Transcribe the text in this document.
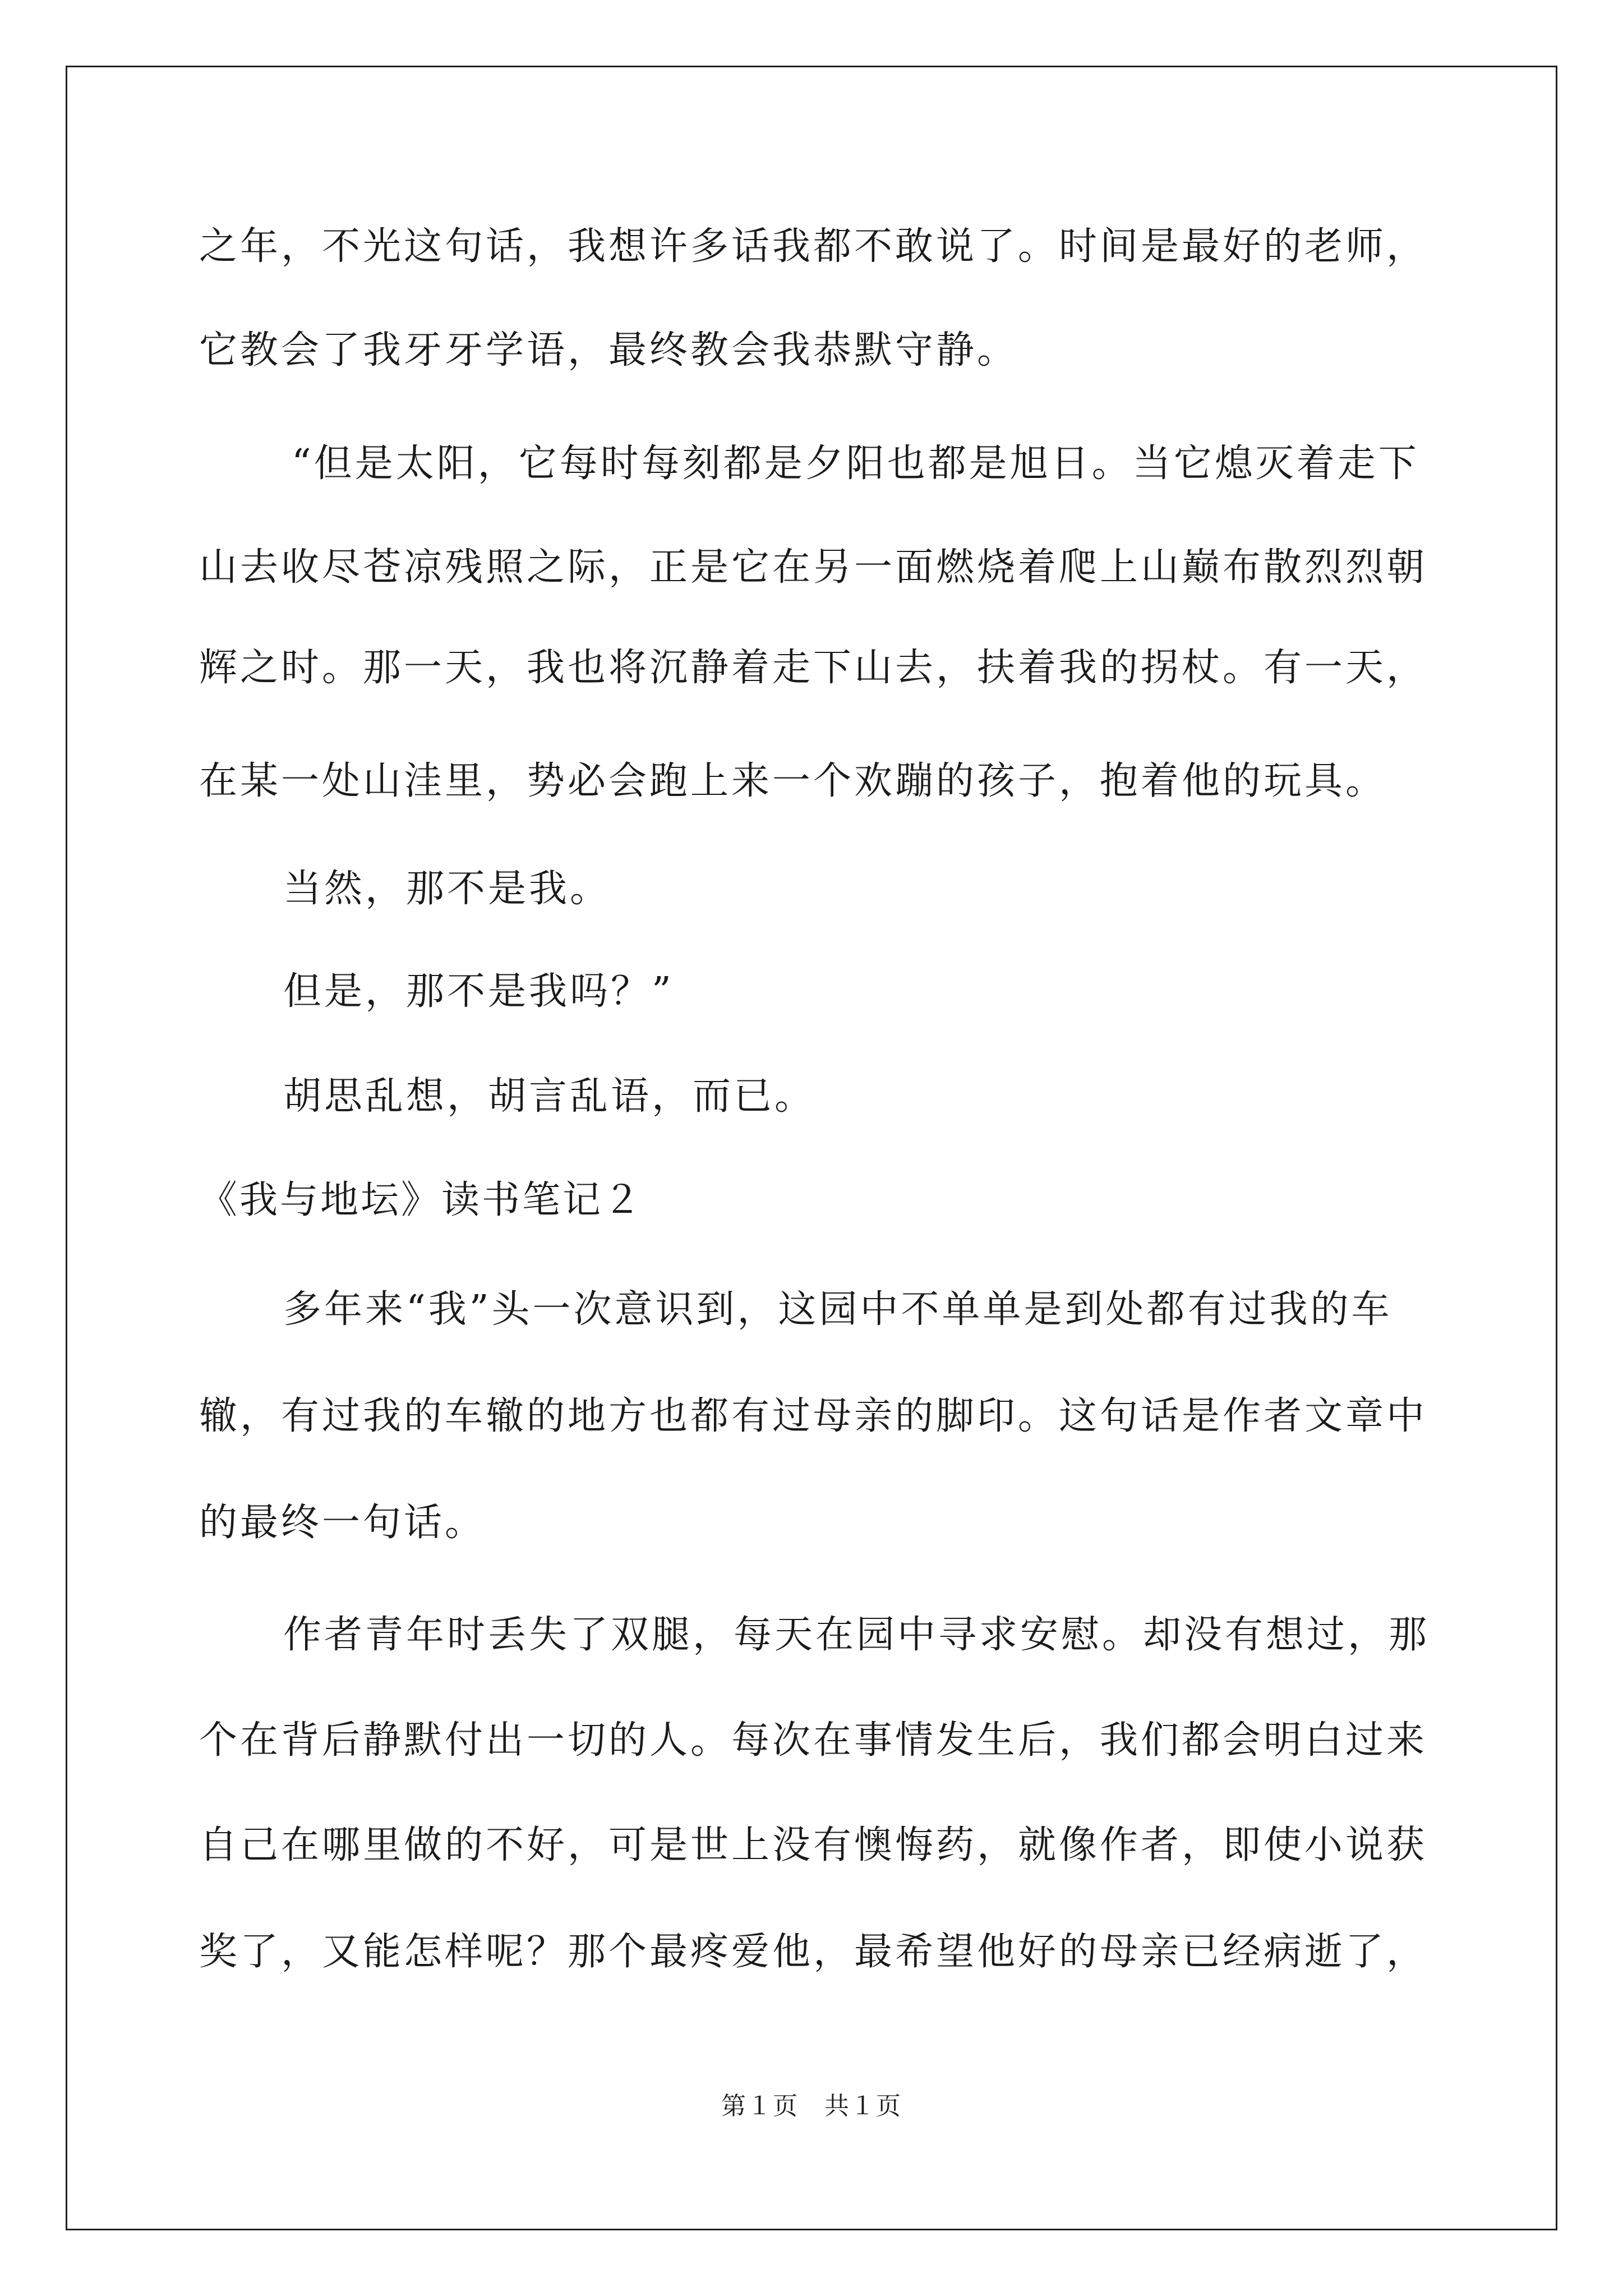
之年，不光这句话，我想许多话我都不敢说了。时间是最好的老师，
它教会了我牙牙学语，最终教会我恭默守静。
“但是太阳，它每时每刻都是夕阳也都是旭日。当它熄灭着走下
山去收尽苍凉残照之际，正是它在另一面燃烧着爬上山巅布散烈烈朝
辉之时。那一天，我也将沉静着走下山去，扶着我的拐杖。有一天，
在某一处山洼里，势必会跑上来一个欢蹦的孩子，抱着他的玩具。
当然，那不是我。
但是，那不是我吗？”
胡思乱想，胡言乱语，而已。
《我与地坛》读书笔记２
多年来“我”头一次意识到，这园中不单单是到处都有过我的车
辙，有过我的车辙的地方也都有过母亲的脚印。这句话是作者文章中
的最终一句话。
作者青年时丢失了双腿，每天在园中寻求安慰。却没有想过，那
个在背后静默付出一切的人。每次在事情发生后，我们都会明白过来
自己在哪里做的不好，可是世上没有懊悔药，就像作者，即使小说获
奖了，又能怎样呢？那个最疼爱他，最希望他好的母亲已经病逝了，
第１页　共１页
